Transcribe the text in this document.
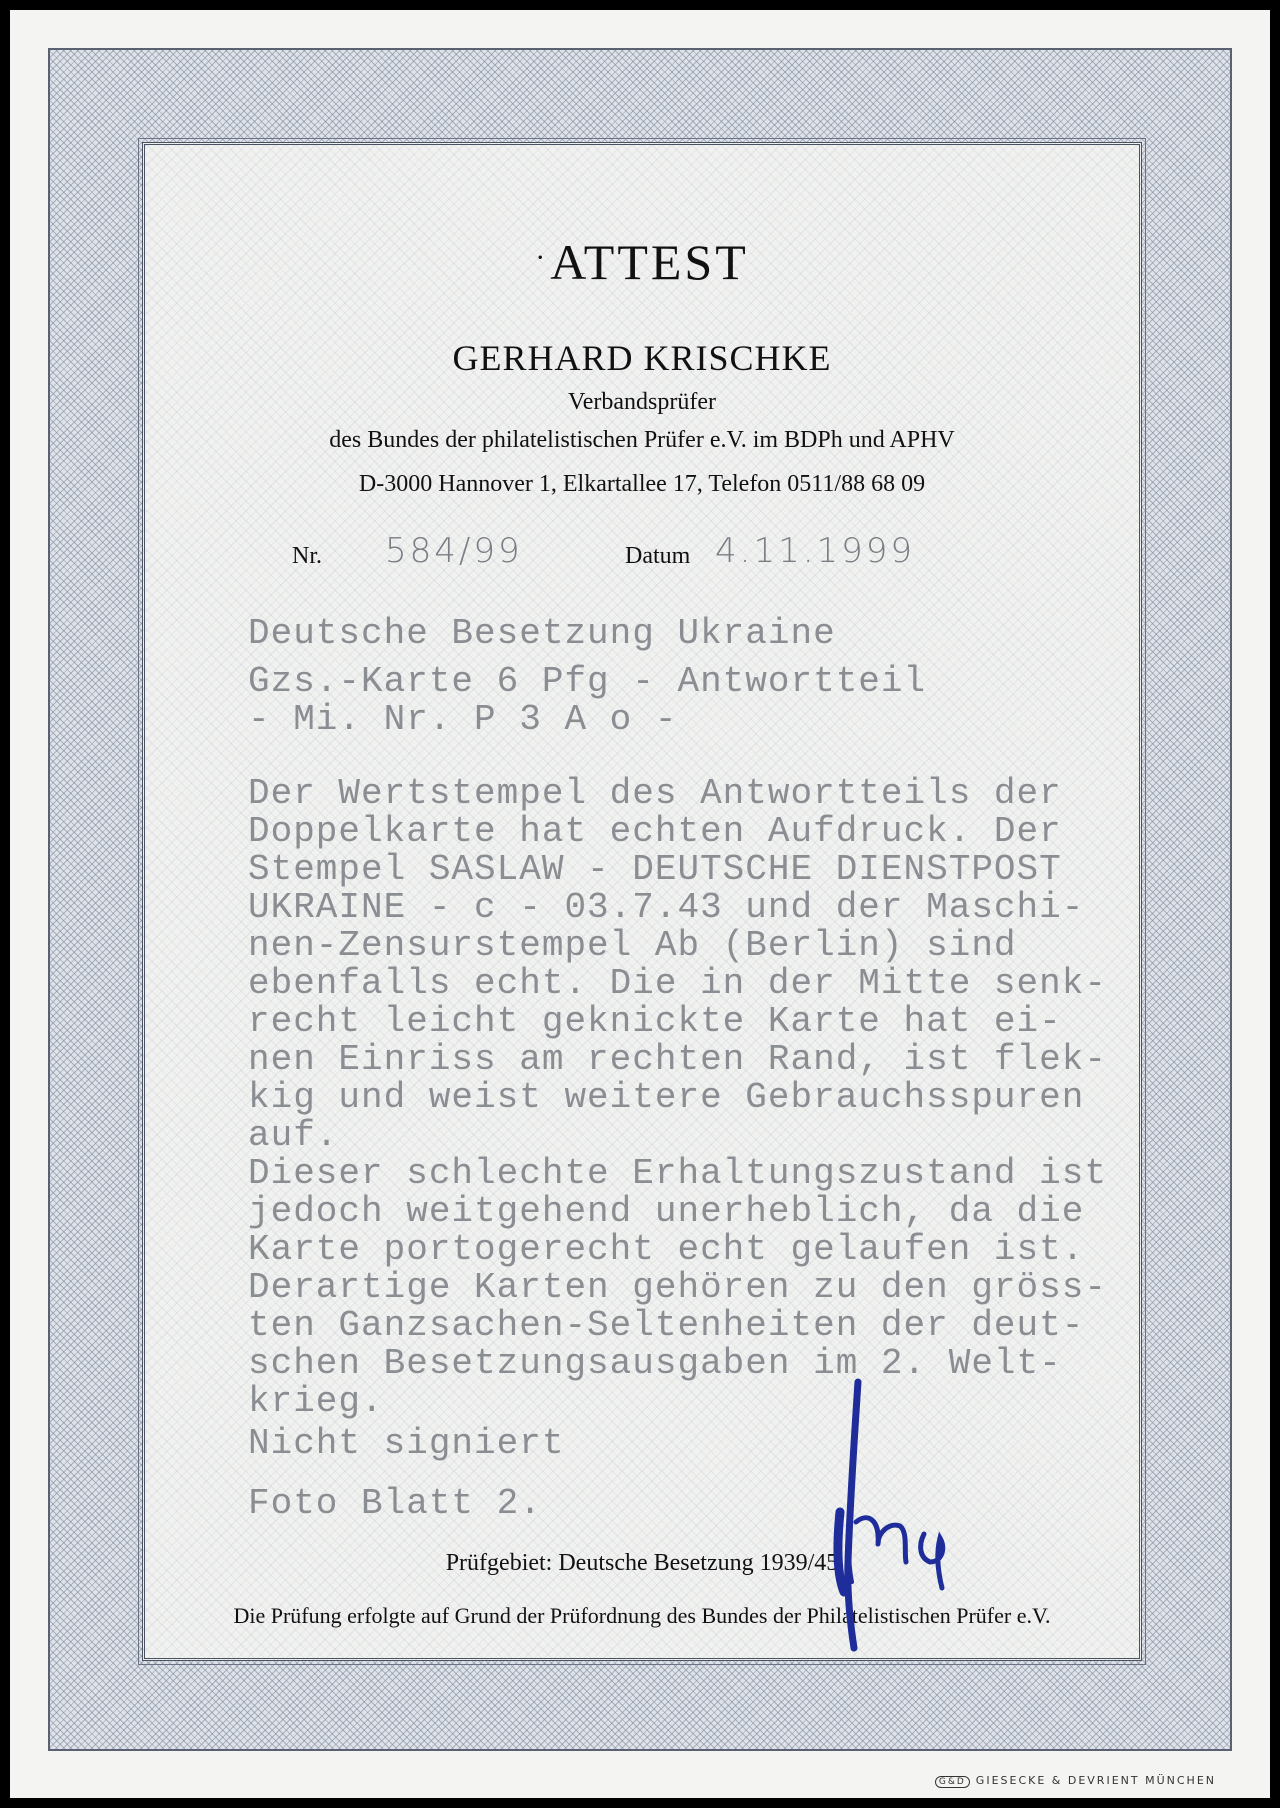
·ATTEST
GERHARD KRISCHKE
Verbandsprüfer
des Bundes der philatelistischen Prüfer e.V. im BDPh und APHV
D-3000 Hannover 1, Elkartallee 17, Telefon 0511/88 68 09
Nr. 584/99	Datum 4.11.1999
Deutsche Besetzung Ukraine
Gzs.-Karte 6 Pfg - Antwortteil
- Mi. Nr. P 3 A o -
Der Wertstempel des Antwortteils der
Doppelkarte hat echten Aufdruck. Der
Stempel SASLAW - DEUTSCHE DIENSTPOST
UKRAINE - c - 03.7.43 und der Maschi-
nen-Zensurstempel Ab (Berlin) sind
ebenfalls echt. Die in der Mitte senk-
recht leicht geknickte Karte hat ei-
nen Einriss am rechten Rand, ist flek-
kig und weist weitere Gebrauchsspuren
auf.
Dieser schlechte Erhaltungszustand ist
jedoch weitgehend unerheblich, da die
Karte portogerecht echt gelaufen ist.
Derartige Karten gehören zu den gröss-
ten Ganzsachen-Seltenheiten der deut-
schen Besetzungsausgaben im 2. Welt-
krieg.
Nicht signiert
Foto Blatt 2.
Prüfgebiet: Deutsche Besetzung 1939/45
Die Prüfung erfolgte auf Grund der Prüfordnung des Bundes der Philatelistischen Prüfer e.V.
G&D GIESECKE & DEVRIENT MÜNCHEN
